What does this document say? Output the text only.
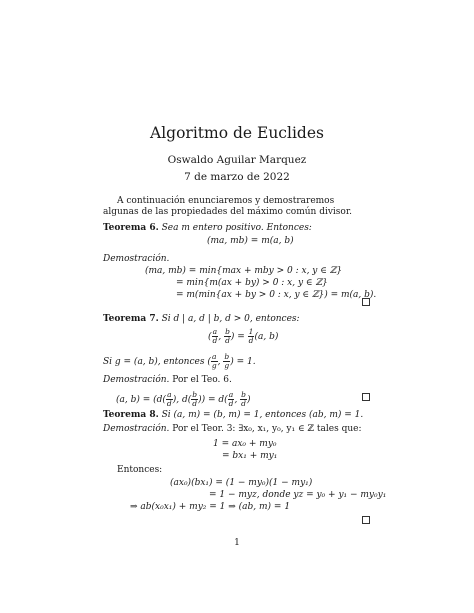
Algoritmo de Euclides
Oswaldo Aguilar Marquez
7 de marzo de 2022
A continuación enunciaremos y demostraremos algunas de las propiedades del máximo común divisor.
Teorema 6. Sea m entero positivo. Entonces:
(ma, mb) = m(a, b)
Demostración.
(ma, mb) = min{max + mby > 0 : x, y ∈ ℤ}
= min{m(ax + by) > 0 : x, y ∈ ℤ}
= m(min{ax + by > 0 : x, y ∈ ℤ}) = m(a, b).
Teorema 7. Si d | a, d | b, d > 0, entonces:
( $\frac{a}{d}$ , $\frac{b}{d}$ ) = $\frac{1}{d} (a$, b)
Si g = (a, b), entonces ( $\frac{a}{g}$ , $\frac{b}{g}$ ) = 1.
Demostración. Por el Teo. 6.
(a, $b) = (d( \frac{a}{d}$ ), $d( \frac{b}{d}$ )) = $d( \frac{a}{d}$ , $\frac{b}{d}$ )
Teorema 8. Si (a, m) = (b, m) = 1, entonces (ab, m) = 1.
Demostración. Por el Teor. 3: ∃x₀, x₁, y₀, y₁ ∈ ℤ tales que:
1 = ax₀ + my₀
= bx₁ + my₁
Entonces:
(ax₀)(bx₁) = (1 − my₀)(1 − my₁)
= 1 − myz, donde yz = y₀ + y₁ − my₀y₁
⇒ ab(x₀x₁) + my₂ = 1 ⇒ (ab, m) = 1
1
